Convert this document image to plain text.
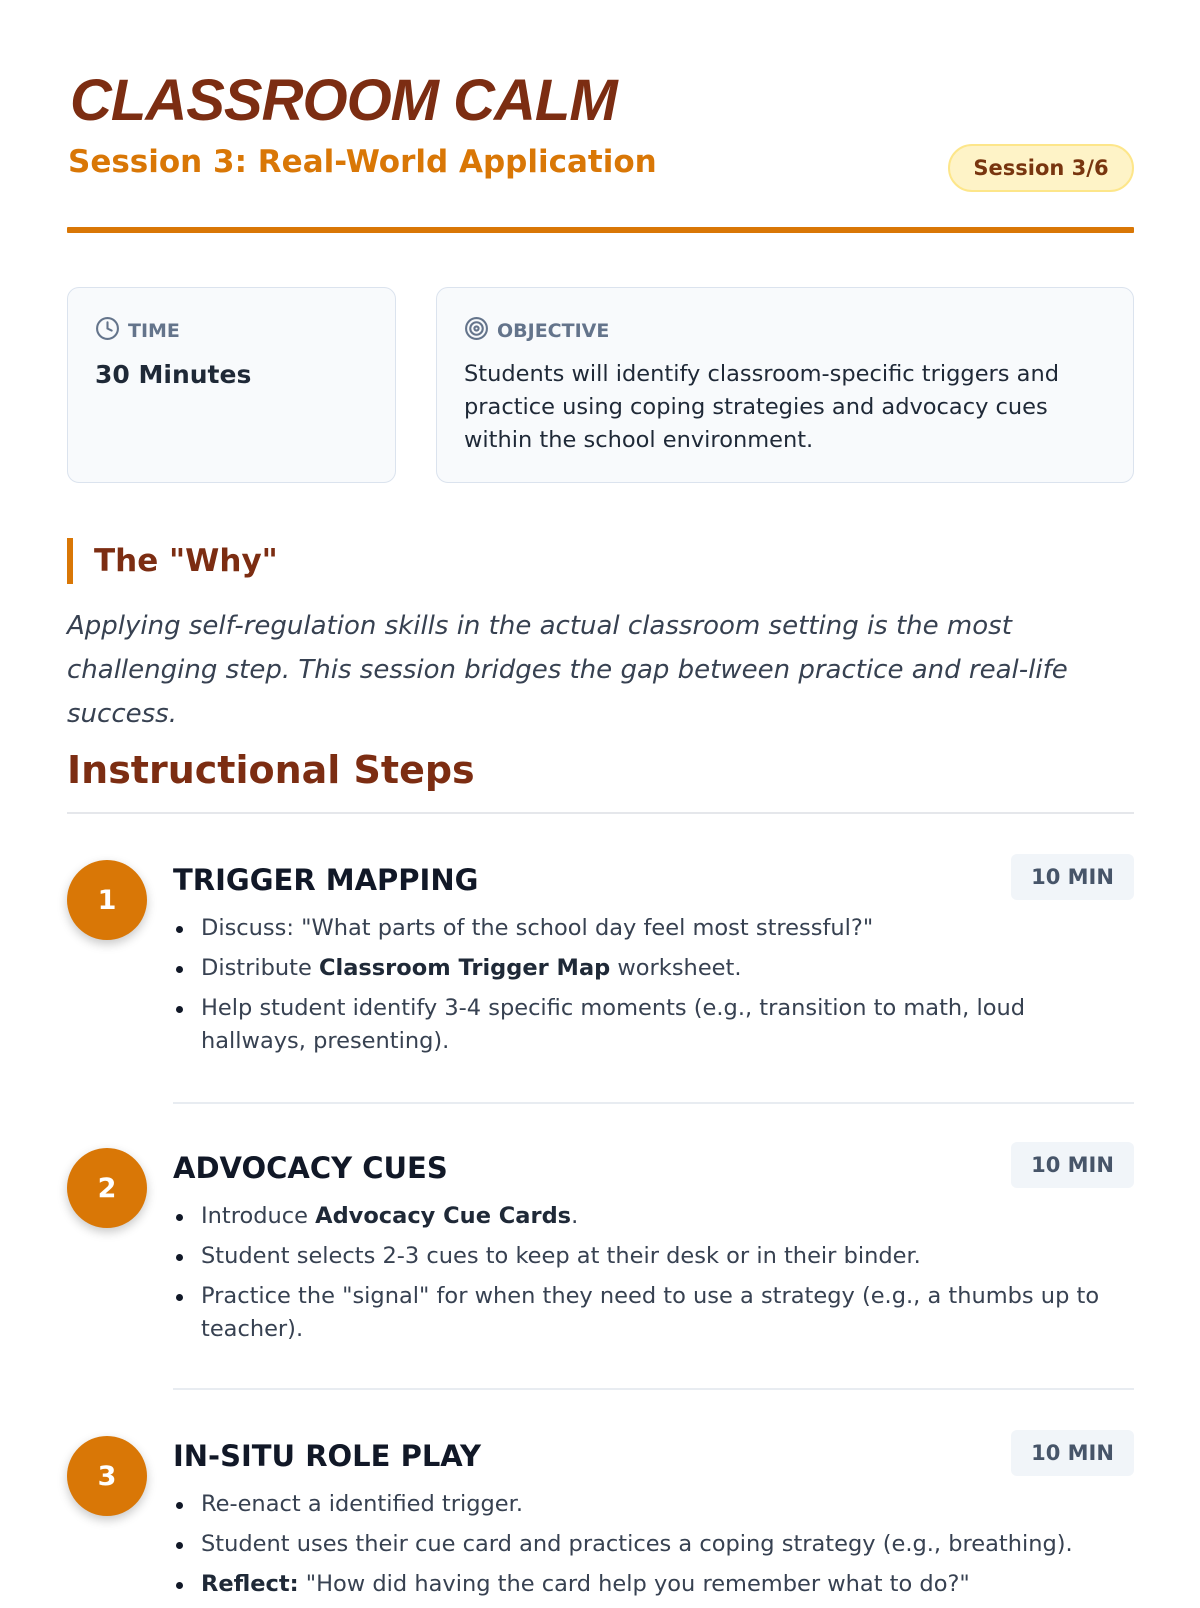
CLASSROOM CALM
Session 3: Real-World Application	Session 3/6
TIME
30 Minutes
OBJECTIVE
Students will identify classroom-specific triggers and practice using coping strategies and advocacy cues within the school environment.
The "Why"
Applying self-regulation skills in the actual classroom setting is the most challenging step. This session bridges the gap between practice and real-life success.
Instructional Steps
1
TRIGGER MAPPING	10 MIN
Discuss: "What parts of the school day feel most stressful?"
Distribute Classroom Trigger Map worksheet.
Help student identify 3-4 specific moments (e.g., transition to math, loud hallways, presenting).
2
ADVOCACY CUES	10 MIN
Introduce Advocacy Cue Cards.
Student selects 2-3 cues to keep at their desk or in their binder.
Practice the "signal" for when they need to use a strategy (e.g., a thumbs up to teacher).
3
IN-SITU ROLE PLAY	10 MIN
Re-enact a identified trigger.
Student uses their cue card and practices a coping strategy (e.g., breathing).
Reflect: "How did having the card help you remember what to do?"
